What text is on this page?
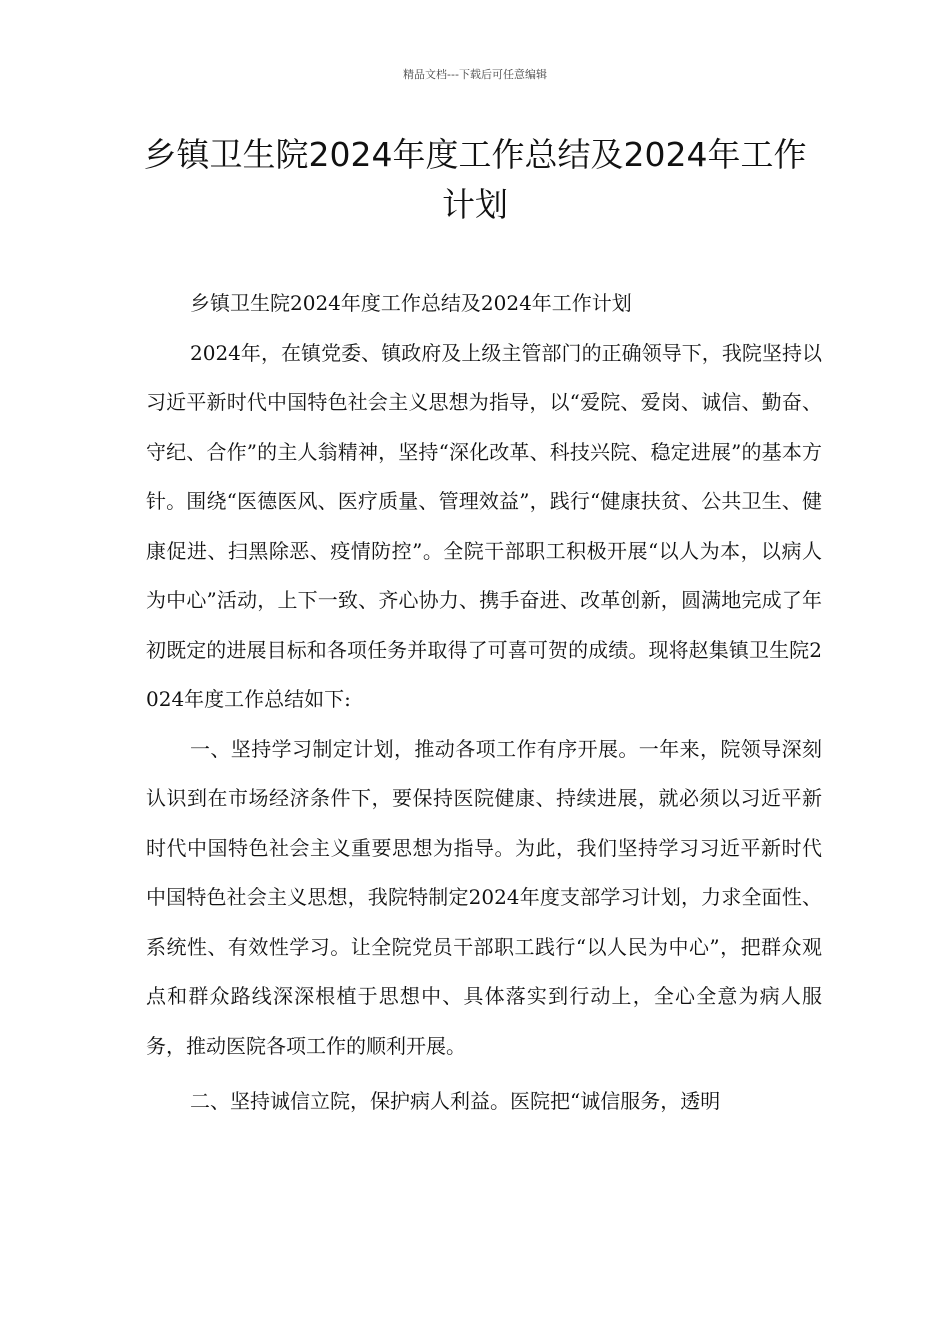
精品文档---下载后可任意编辑
乡镇卫生院2024年度工作总结及2024年工作计划

乡镇卫生院2024年度工作总结及2024年工作计划

2024年，在镇党委、镇政府及上级主管部门的正确领导下，我院坚持以习近平新时代中国特色社会主义思想为指导，以“爱院、爱岗、诚信、勤奋、守纪、合作”的主人翁精神，坚持“深化改革、科技兴院、稳定进展”的基本方针。围绕“医德医风、医疗质量、管理效益”，践行“健康扶贫、公共卫生、健康促进、扫黑除恶、疫情防控”。全院干部职工积极开展“以人为本，以病人为中心”活动，上下一致、齐心协力、携手奋进、改革创新，圆满地完成了年初既定的进展目标和各项任务并取得了可喜可贺的成绩。现将赵集镇卫生院2024年度工作总结如下:

一、坚持学习制定计划，推动各项工作有序开展。一年来，院领导深刻认识到在市场经济条件下，要保持医院健康、持续进展，就必须以习近平新时代中国特色社会主义重要思想为指导。为此，我们坚持学习习近平新时代中国特色社会主义思想，我院特制定2024年度支部学习计划，力求全面性、系统性、有效性学习。让全院党员干部职工践行“以人民为中心”，把群众观点和群众路线深深根植于思想中、具体落实到行动上，全心全意为病人服务，推动医院各项工作的顺利开展。

二、坚持诚信立院，保护病人利益。医院把“诚信服务，透明
